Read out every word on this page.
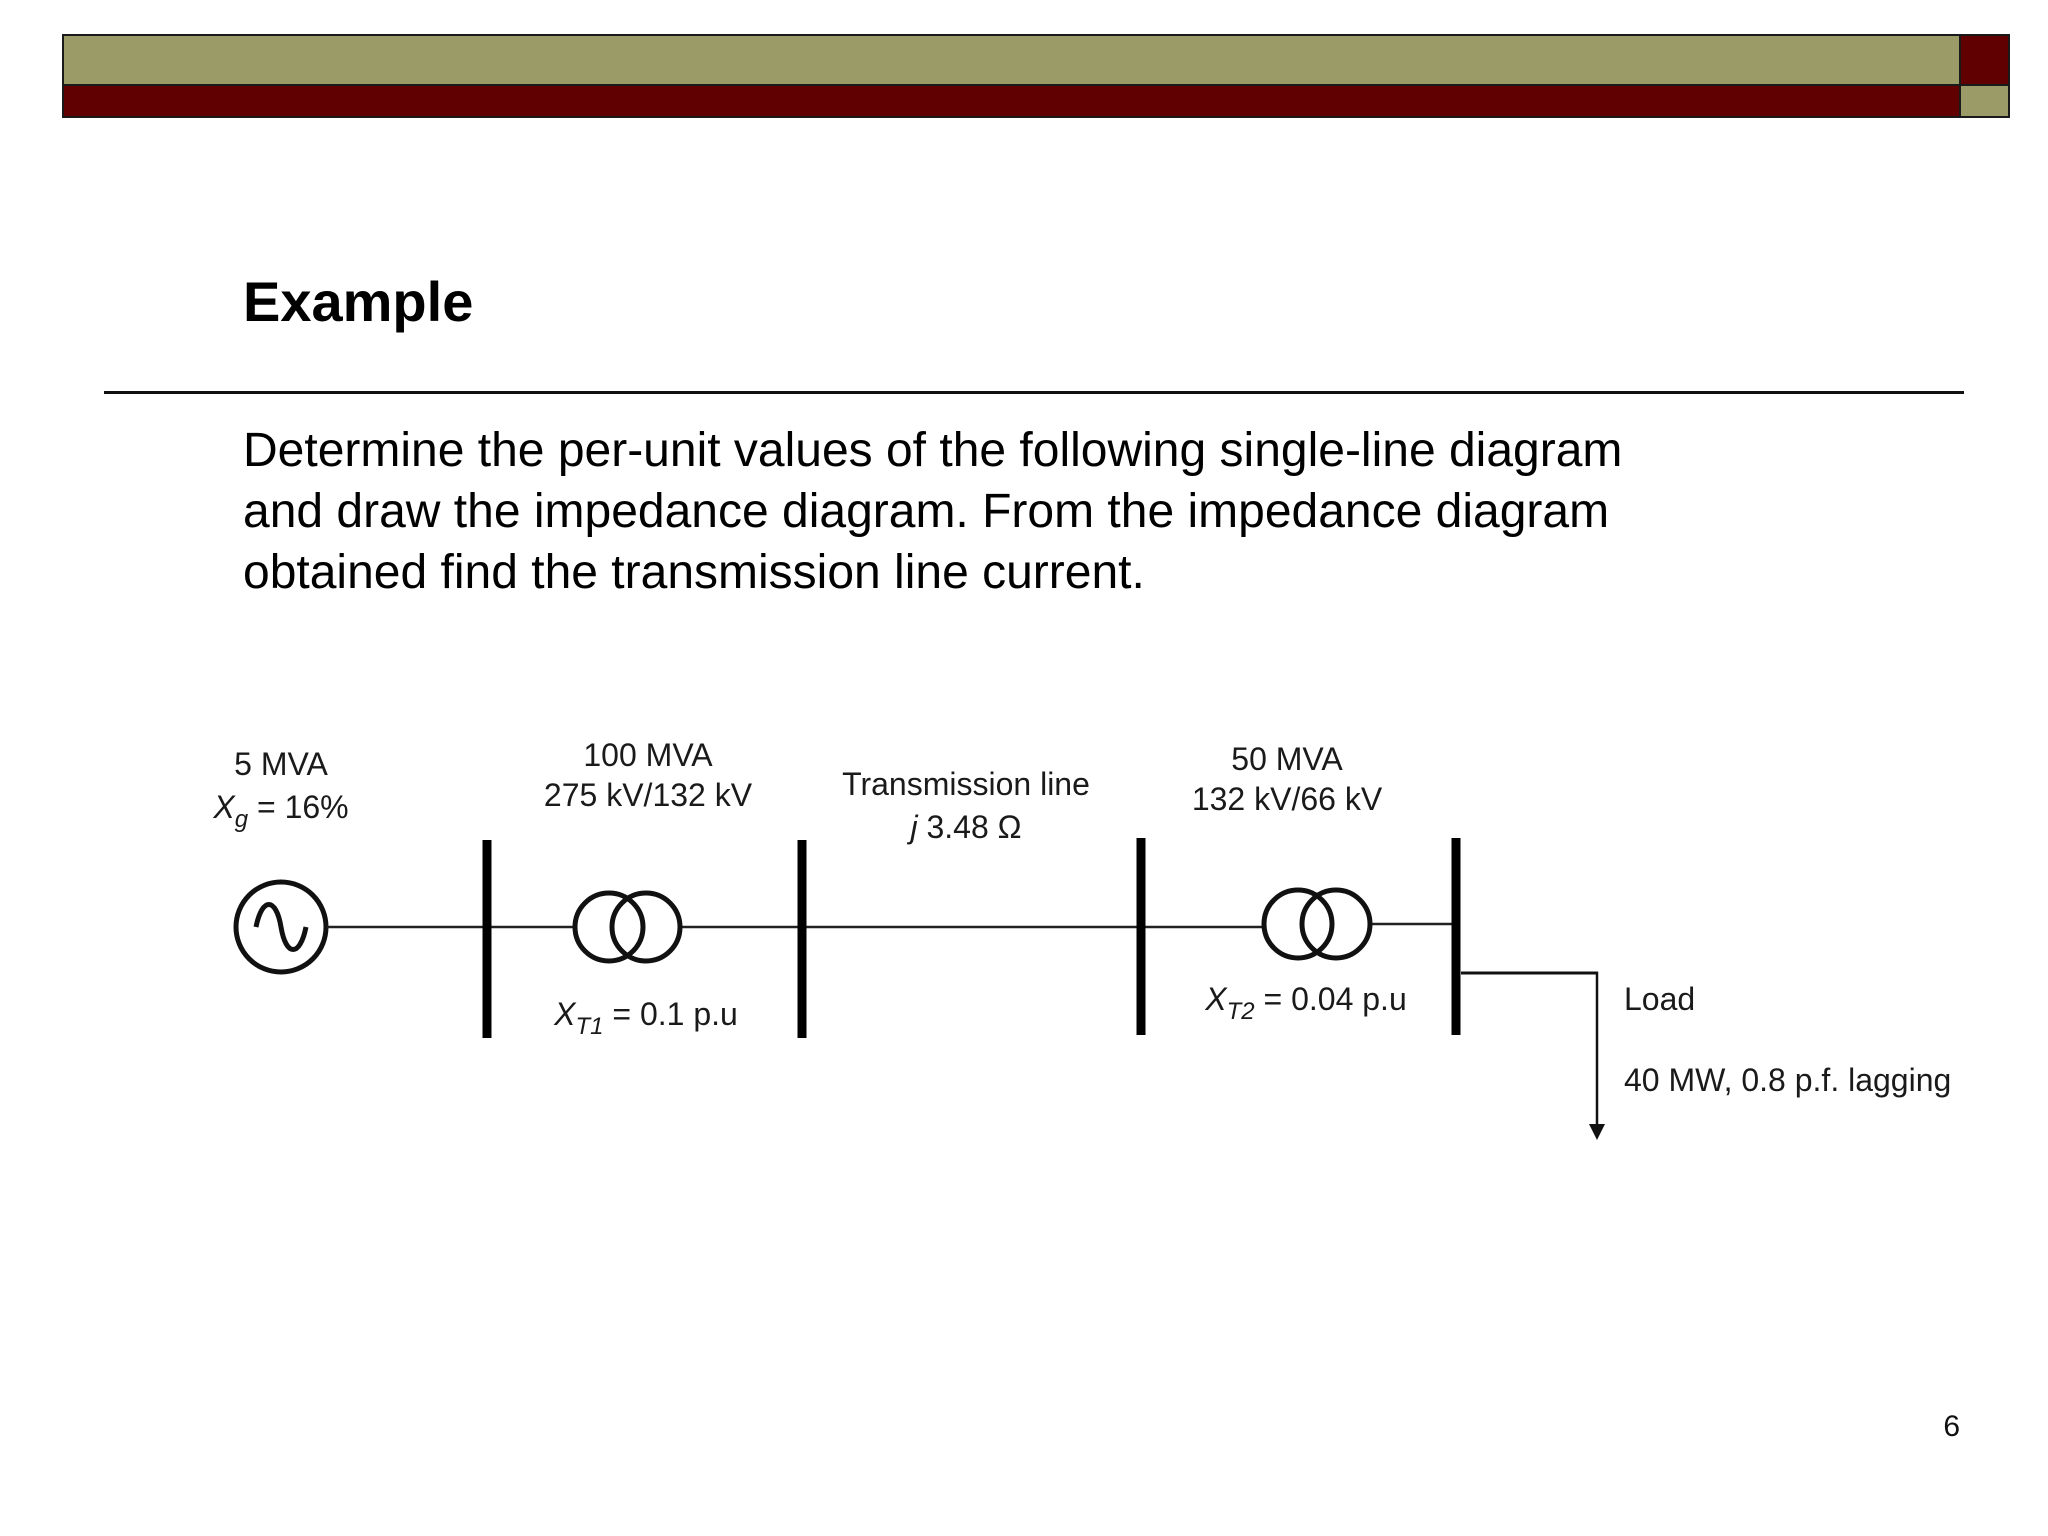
Example
Determine the per-unit values of the following single-line diagram
and draw the impedance diagram. From the impedance diagram
obtained find the transmission line current.
5 MVA
$X_g = 16\%$
100 MVA
275 kV/132 kV
$X_{T1} = 0.1$ p.u
Transmission line
j 3.48 Ω
50 MVA
132 kV/66 kV
$X_{T2} = 0.04$ p.u	Load
40 MW, 0.8 p.f. lagging
6
